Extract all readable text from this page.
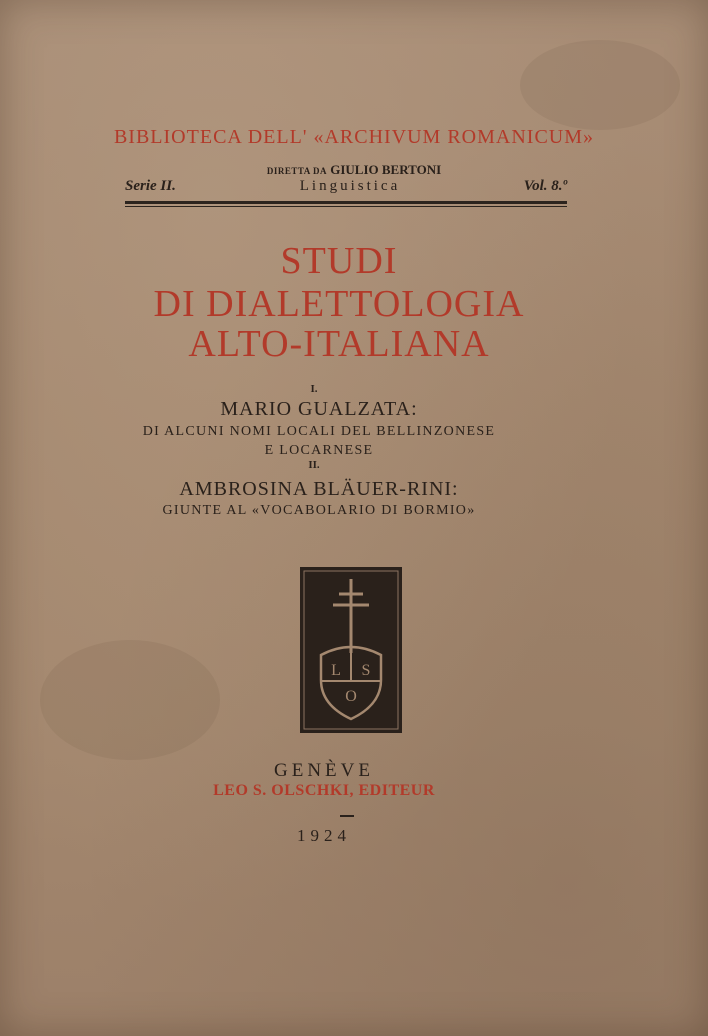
BIBLIOTECA DELL' «ARCHIVUM ROMANICUM»
DIRETTA DA GIULIO BERTONI
Serie II.	Linguistica	Vol. 8.º
STUDI
DI DIALETTOLOGIA
ALTO-ITALIANA
I.
MARIO GUALZATA:
DI ALCUNI NOMI LOCALI DEL BELLINZONESE
E LOCARNESE
II.
AMBROSINA BLÄUER-RINI:
GIUNTE AL «VOCABOLARIO DI BORMIO»
L S
O
GENÈVE
LEO S. OLSCHKI, EDITEUR
1924
